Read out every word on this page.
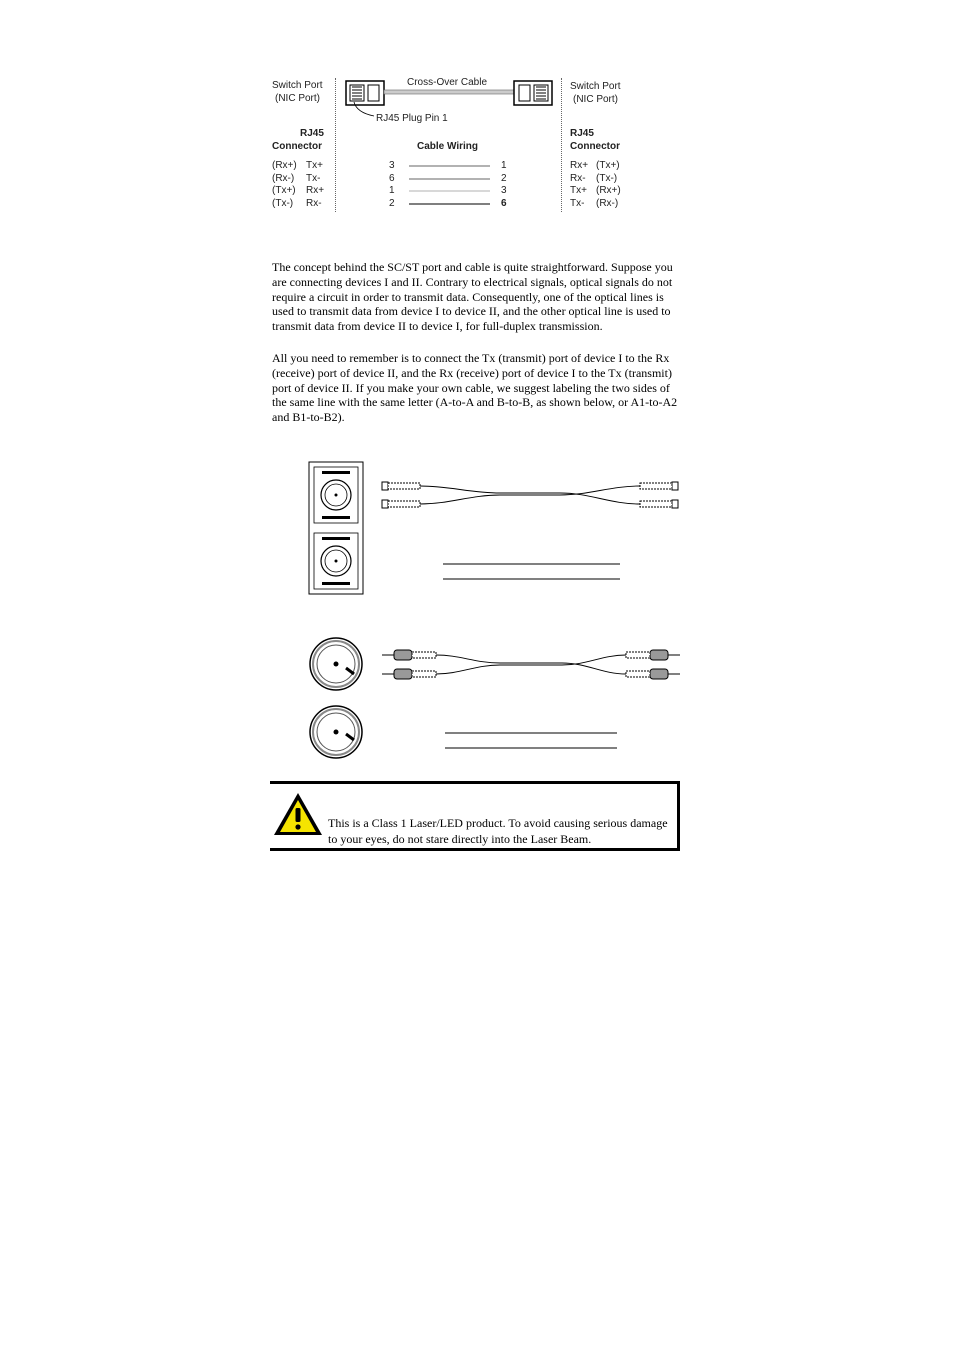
Switch Port
(NIC Port)
Switch Port
(NIC Port)
Cross-Over Cable
RJ45 Plug Pin 1
RJ45
Connector	Cable Wiring
RJ45
Connector
(Rx+) Tx+	3	1	Rx+ (Tx+)
(Rx-) Tx-	6	2	Rx- (Tx-)
(Tx+) Rx+	1	3	Tx+ (Rx+)
(Tx-) Rx-	2	6	Tx- (Rx-)

The concept behind the SC/ST port and cable is quite straightforward. Suppose you are connecting devices I and II. Contrary to electrical signals, optical signals do not require a circuit in order to transmit data. Consequently, one of the optical lines is used to transmit data from device I to device II, and the other optical line is used to transmit data from device II to device I, for full-duplex transmission.

All you need to remember is to connect the Tx (transmit) port of device I to the Rx (receive) port of device II, and the Rx (receive) port of device I to the Tx (transmit) port of device II. If you make your own cable, we suggest labeling the two sides of the same line with the same letter (A-to-A and B-to-B, as shown below, or A1-to-A2 and B1-to-B2).

This is a Class 1 Laser/LED product. To avoid causing serious damage to your eyes, do not stare directly into the Laser Beam.
